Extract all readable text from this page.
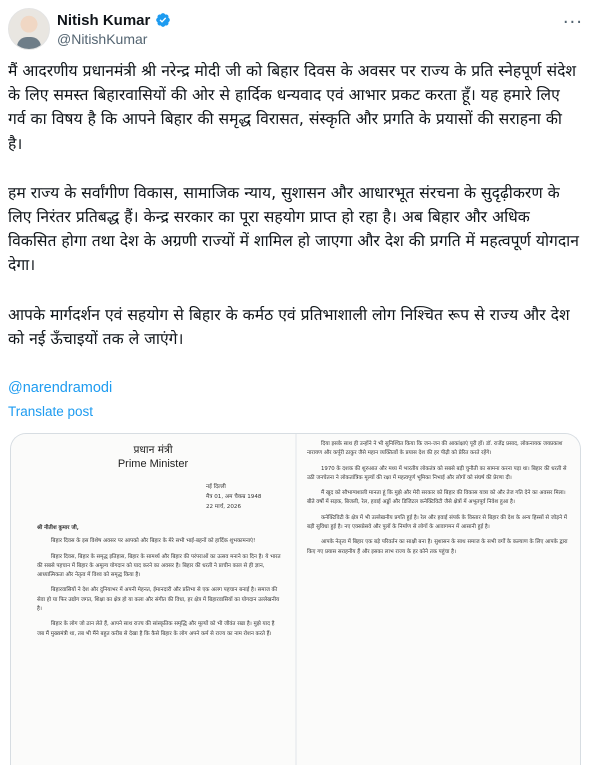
Nitish Kumar
@NitishKumar
···

मैं आदरणीय प्रधानमंत्री श्री नरेन्द्र मोदी जी को बिहार दिवस के अवसर पर राज्य के प्रति स्नेहपूर्ण संदेश के लिए समस्त बिहारवासियों की ओर से हार्दिक धन्यवाद एवं आभार प्रकट करता हूँ। यह हमारे लिए गर्व का विषय है कि आपने बिहार की समृद्ध विरासत, संस्कृति और प्रगति के प्रयासों की सराहना की है।

हम राज्य के सर्वांगीण विकास, सामाजिक न्याय, सुशासन और आधारभूत संरचना के सुदृढ़ीकरण के लिए निरंतर प्रतिबद्ध हैं। केन्द्र सरकार का पूरा सहयोग प्राप्त हो रहा है। अब बिहार और अधिक विकसित होगा तथा देश के अग्रणी राज्यों में शामिल हो जाएगा और देश की प्रगति में महत्वपूर्ण योगदान देगा।

आपके मार्गदर्शन एवं सहयोग से बिहार के कर्मठ एवं प्रतिभाशाली लोग निश्चित रूप से राज्य और देश को नई ऊँचाइयों तक ले जाएंगे।

@narendramodi
Translate post
प्रधान मंत्री
Prime Minister
नई दिल्ली
मैत्र 01, अम चैकम्र 1948
22 मार्च, 2026
श्री नीतीश कुमार जी,

बिहार दिवस के इस विशेष अवसर पर आपको और बिहार के मेरे सभी भाई-बहनों को हार्दिक शुभकामनाएं!

बिहार दिवस, बिहार के समृद्ध इतिहास, बिहार के सामर्थ्य और बिहार की परंपराओं का उत्सव मनाने का दिन है। ये भारत की सबसे पहचान में बिहार के अमूल्य योगदान को याद करने का अवसर है। बिहार की धरती ने प्राचीन काल से ही ज्ञान, आध्यात्मिकता और नेतृत्व में विश्व को समृद्ध किया है।

बिहारवासियों ने देश और दुनियाभर में अपनी मेहनत, ईमानदारी और प्रतिभा से एक अलग पहचान बनाई है। समाज की सेवा हो या फिर उद्योग जगत, शिक्षा का क्षेत्र हो या कला और संगीत की विधा, हर क्षेत्र में बिहारवासियों का योगदान उल्लेखनीय है।

बिहार के लोग जो ठान लेते हैं, आपने साथ राज्य की सांस्कृतिक समृद्धि और मूल्यों को भी जीवंत रखा है। मुझे याद है जब मैं मुख्यमंत्री था, तब भी मैंने बहुत करीब से देखा है कि कैसे बिहार के लोग अपने कर्म से राज्य का नाम रोशन करते हैं।

दिया इसके साथ ही उन्होंने ने भी सुनिश्चित किया कि जन-जन की आकांक्षाएं पूरी हों। डॉ. राजेंद्र प्रसाद, लोकनायक जयप्रकाश नारायण और कर्पूरी ठाकुर जैसे महान व्यक्तित्वों के प्रयास देश की हर पीढ़ी को प्रेरित करते रहेंगे।

1970 के दशक की शुरुआत और मध्य में भारतीय लोकतंत्र को सबसे बड़ी चुनौती का सामना करना पड़ा था। बिहार की धरती से उठी जनचेतना ने लोकतांत्रिक मूल्यों की रक्षा में महत्वपूर्ण भूमिका निभाई और लोगों को संघर्ष की प्रेरणा दी।

मैं खुद को सौभाग्यशाली मानता हूं कि मुझे और मेरी सरकार को बिहार की विकास यात्रा को और तेज गति देने का अवसर मिला। बीते वर्षों में सड़क, बिजली, रेल, हवाई अड्डों और डिजिटल कनेक्टिविटी जैसे क्षेत्रों में अभूतपूर्व निवेश हुआ है।

कनेक्टिविटी के क्षेत्र में भी उल्लेखनीय प्रगति हुई है। रेल और हवाई संपर्क के विस्तार से बिहार की देश के अन्य हिस्सों से जोड़ने में बड़ी सुविधा हुई है। नए एक्सप्रेसवे और पुलों के निर्माण से लोगों के आवागमन में आसानी हुई है।

आपके नेतृत्व में बिहार एक बड़े परिवर्तन का साक्षी बना है। सुशासन के साथ समाज के सभी वर्गों के कल्याण के लिए आपके द्वारा किए गए प्रयास सराहनीय हैं और इसका लाभ राज्य के हर कोने तक पहुंचा है।
